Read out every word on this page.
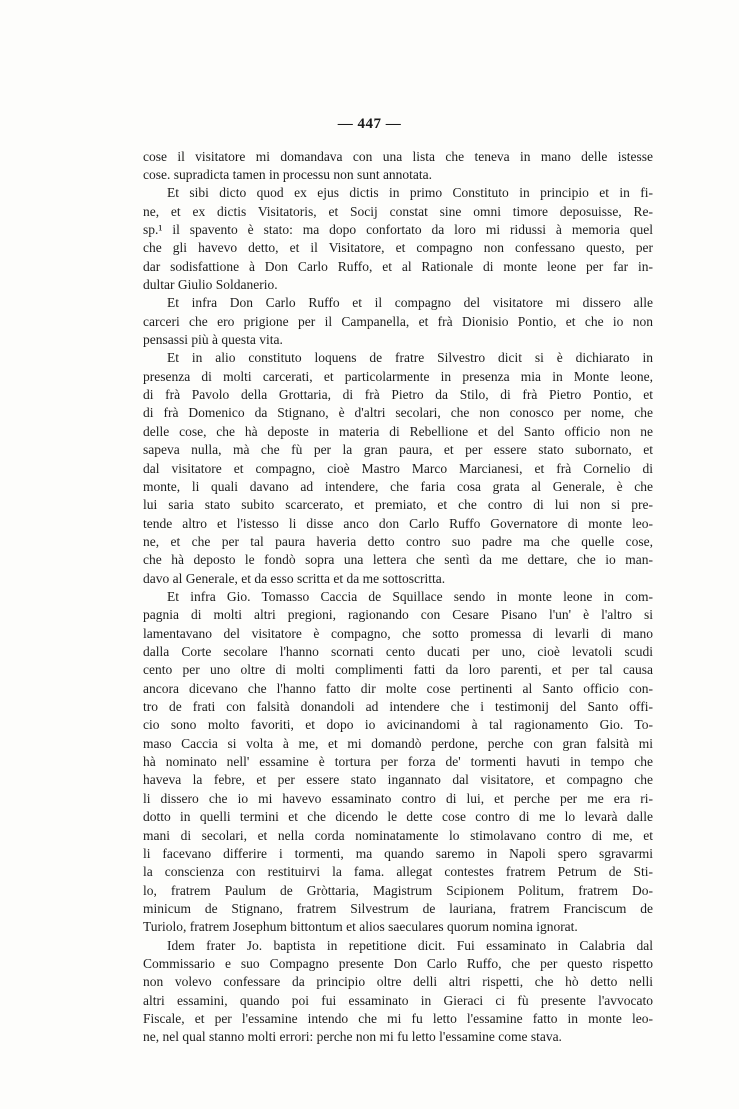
— 447 —
cose il visitatore mi domandava con una lista che teneva in mano delle istesse
cose. supradicta tamen in processu non sunt annotata.
Et sibi dicto quod ex ejus dictis in primo Constituto in principio et in fi-
ne, et ex dictis Visitatoris, et Socij constat sine omni timore deposuisse, Re-
sp.¹ il spavento è stato: ma dopo confortato da loro mi ridussi à memoria quel
che gli havevo detto, et il Visitatore, et compagno non confessano questo, per
dar sodisfattione à Don Carlo Ruffo, et al Rationale di monte leone per far in-
dultar Giulio Soldanerio.
Et infra Don Carlo Ruffo et il compagno del visitatore mi dissero alle
carceri che ero prigione per il Campanella, et frà Dionisio Pontio, et che io non
pensassi più à questa vita.
Et in alio constituto loquens de fratre Silvestro dicit si è dichiarato in
presenza di molti carcerati, et particolarmente in presenza mia in Monte leone,
di frà Pavolo della Grottaria, di frà Pietro da Stilo, di frà Pietro Pontio, et
di frà Domenico da Stignano, è d'altri secolari, che non conosco per nome, che
delle cose, che hà deposte in materia di Rebellione et del Santo officio non ne
sapeva nulla, mà che fù per la gran paura, et per essere stato subornato, et
dal visitatore et compagno, cioè Mastro Marco Marcianesi, et frà Cornelio di
monte, li quali davano ad intendere, che faria cosa grata al Generale, è che
lui saria stato subito scarcerato, et premiato, et che contro di lui non si pre-
tende altro et l'istesso li disse anco don Carlo Ruffo Governatore di monte leo-
ne, et che per tal paura haveria detto contro suo padre ma che quelle cose,
che hà deposto le fondò sopra una lettera che sentì da me dettare, che io man-
davo al Generale, et da esso scritta et da me sottoscritta.
Et infra Gio. Tomasso Caccia de Squillace sendo in monte leone in com-
pagnia di molti altri pregioni, ragionando con Cesare Pisano l'un' è l'altro si
lamentavano del visitatore è compagno, che sotto promessa di levarli di mano
dalla Corte secolare l'hanno scornati cento ducati per uno, cioè levatoli scudi
cento per uno oltre di molti complimenti fatti da loro parenti, et per tal causa
ancora dicevano che l'hanno fatto dir molte cose pertinenti al Santo officio con-
tro de frati con falsità donandoli ad intendere che i testimonij del Santo offi-
cio sono molto favoriti, et dopo io avicinandomi à tal ragionamento Gio. To-
maso Caccia si volta à me, et mi domandò perdone, perche con gran falsità mi
hà nominato nell' essamine è tortura per forza de' tormenti havuti in tempo che
haveva la febre, et per essere stato ingannato dal visitatore, et compagno che
li dissero che io mi havevo essaminato contro di lui, et perche per me era ri-
dotto in quelli termini et che dicendo le dette cose contro di me lo levarà dalle
mani di secolari, et nella corda nominatamente lo stimolavano contro di me, et
li facevano differire i tormenti, ma quando saremo in Napoli spero sgravarmi
la conscienza con restituirvi la fama. allegat contestes fratrem Petrum de Sti-
lo, fratrem Paulum de Gròttaria, Magistrum Scipionem Politum, fratrem Do-
minicum de Stignano, fratrem Silvestrum de lauriana, fratrem Franciscum de
Turiolo, fratrem Josephum bittontum et alios saeculares quorum nomina ignorat.
Idem frater Jo. baptista in repetitione dicit. Fui essaminato in Calabria dal
Commissario e suo Compagno presente Don Carlo Ruffo, che per questo rispetto
non volevo confessare da principio oltre delli altri rispetti, che hò detto nelli
altri essamini, quando poi fui essaminato in Gieraci ci fù presente l'avvocato
Fiscale, et per l'essamine intendo che mi fu letto l'essamine fatto in monte leo-
ne, nel qual stanno molti errori: perche non mi fu letto l'essamine come stava.
